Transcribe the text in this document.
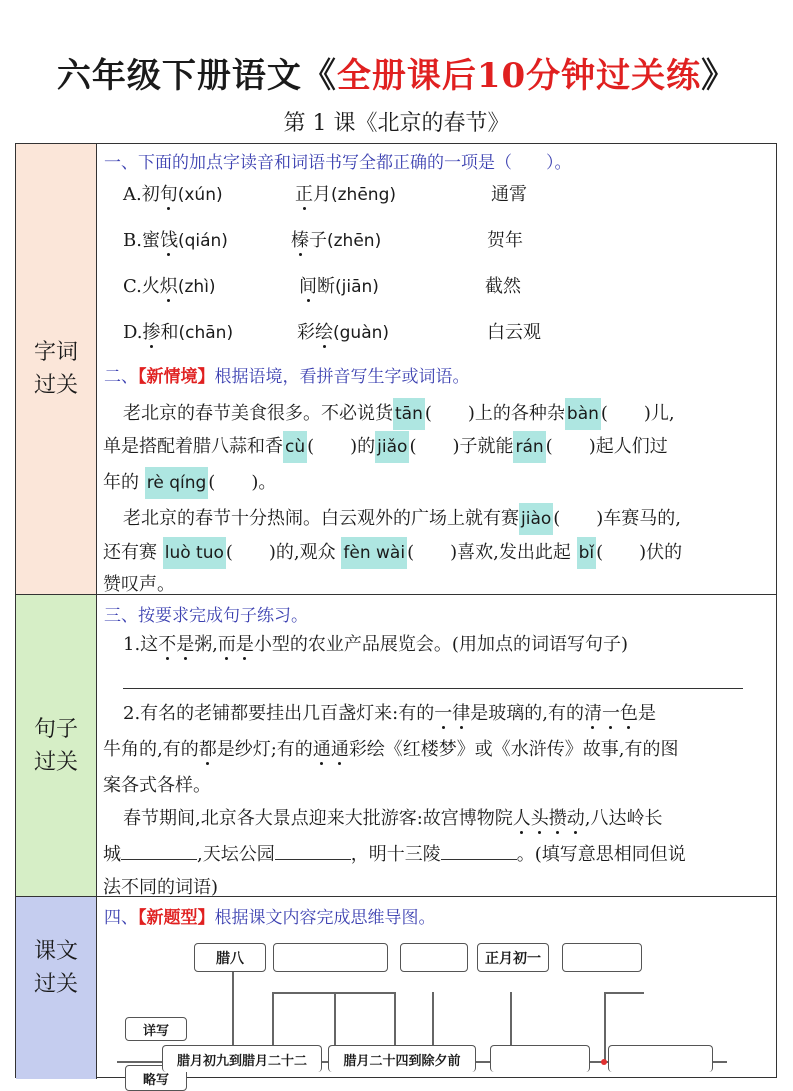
六年级下册语文《全册课后10分钟过关练》
第 1 课《北京的春节》
字词
过关
一、下面的加点字读音和词语书写全都正确的一项是（　　）。
A.初旬(xún)	正月(zhēng)	通霄
B.蜜饯(qián)	榛子(zhēn)	贺年
C.火炽(zhì)	间断(jiān)	截然
D.掺和(chān)	彩绘(guàn)	白云观
二、【新情境】根据语境，看拼音写生字或词语。
老北京的春节美食很多。不必说货 tān (　　)上的各种杂 bàn (　　)儿,
单是搭配着腊八蒜和香 cù (　　)的 jiǎo (　　)子就能 rán (　　)起人们过
年的 rè qíng (　　)。
老北京的春节十分热闹。白云观外的广场上就有赛 jiào (　　)车赛马的,
还有赛 luò tuo (　　)的,观众 fèn wài (　　)喜欢,发出此起 bǐ (　　)伏的
赞叹声。
句子
过关
三、按要求完成句子练习。
1.这不是粥,而是小型的农业产品展览会。(用加点的词语写句子)
2.有名的老铺都要挂出几百盏灯来:有的一律是玻璃的,有的清一色是
牛角的,有的都是纱灯;有的通通彩绘《红楼梦》或《水浒传》故事,有的图
案各式各样。
春节期间,北京各大景点迎来大批游客:故宫博物院人头攒动,八达岭长
城	,天坛公园	，明十三陵	。(填写意思相同但说
法不同的词语)
课文
过关
四、【新题型】根据课文内容完成思维导图。
腊八	正月初一
详写
略写
腊月初九到腊月二十二	腊月二十四到除夕前
